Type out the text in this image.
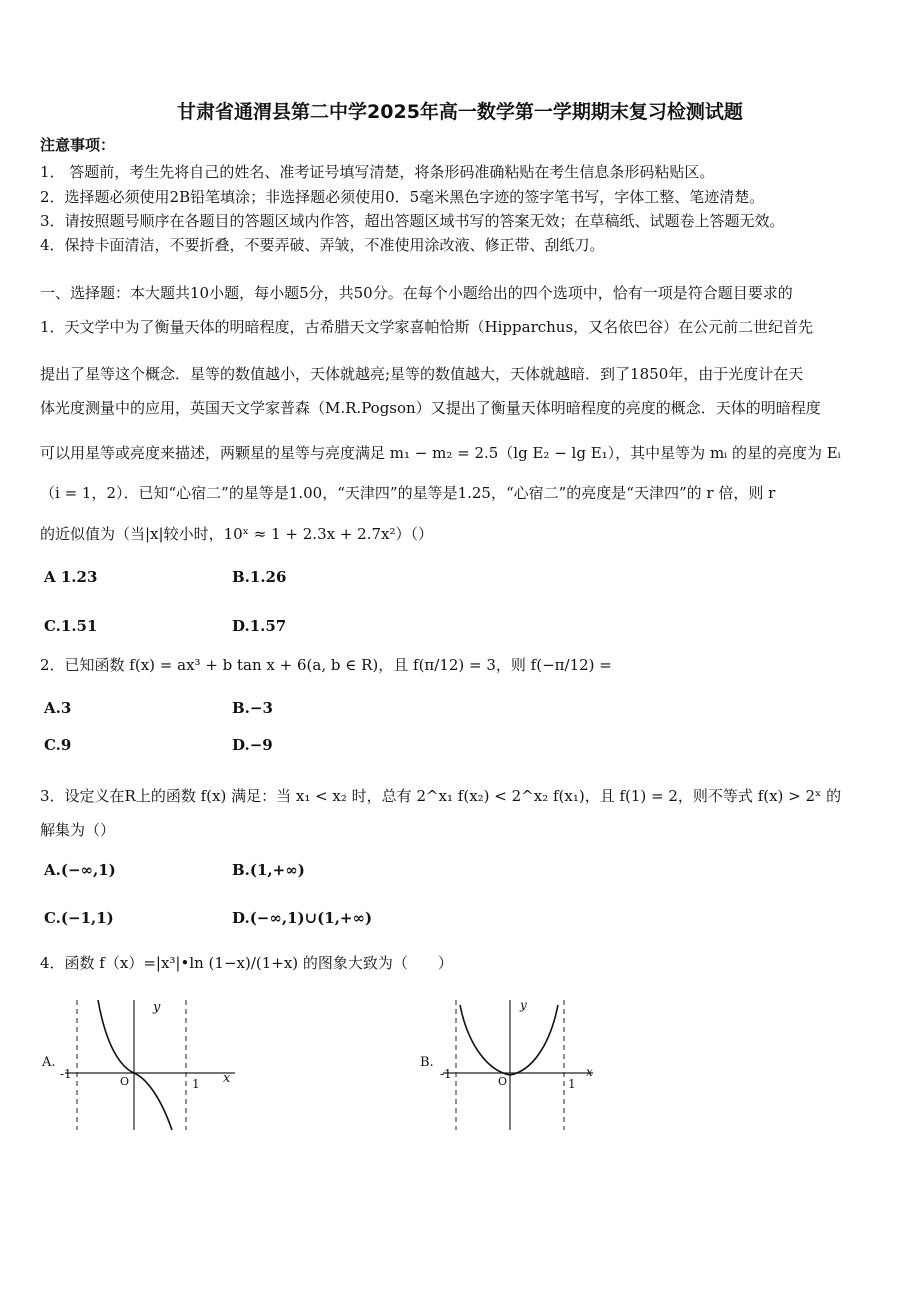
甘肃省通渭县第二中学2025年高一数学第一学期期末复习检测试题
注意事项：
1． 答题前，考生先将自己的姓名、准考证号填写清楚，将条形码准确粘贴在考生信息条形码粘贴区。
2．选择题必须使用2B铅笔填涂；非选择题必须使用0．5毫米黑色字迹的签字笔书写，字体工整、笔迹清楚。
3．请按照题号顺序在各题目的答题区域内作答，超出答题区域书写的答案无效；在草稿纸、试题卷上答题无效。
4．保持卡面清洁，不要折叠，不要弄破、弄皱，不准使用涂改液、修正带、刮纸刀。
一、选择题：本大题共10小题，每小题5分，共50分。在每个小题给出的四个选项中，恰有一项是符合题目要求的
1．天文学中为了衡量天体的明暗程度，古希腊天文学家喜帕恰斯（Hipparchus，又名依巴谷）在公元前二世纪首先
提出了星等这个概念．星等的数值越小，天体就越亮;星等的数值越大，天体就越暗．到了1850年，由于光度计在天
体光度测量中的应用，英国天文学家普森（M.R.Pogson）又提出了衡量天体明暗程度的亮度的概念．天体的明暗程度
可以用星等或亮度来描述，两颗星的星等与亮度满足 m₁ − m₂ = 2.5（lg E₂ − lg E₁），其中星等为 mᵢ 的星的亮度为 Eᵢ
（i = 1，2）．已知“心宿二”的星等是1.00，“天津四”的星等是1.25，“心宿二”的亮度是“天津四”的 r 倍，则 r
的近似值为（当|x|较小时，10ˣ ≈ 1 + 2.3x + 2.7x²）（）
A 1.23	B.1.26
C.1.51	D.1.57
2．已知函数 f(x) = ax³ + b tan x + 6(a, b ∈ R)，且 f(π/12) = 3，则 f(−π/12) =
A.3	B.−3
C.9	D.−9
3．设定义在R上的函数 f(x) 满足：当 x₁ < x₂ 时，总有 2^x₁ f(x₂) < 2^x₂ f(x₁)，且 f(1) = 2，则不等式 f(x) > 2ˣ 的
解集为（）
A.(−∞,1)	B.(1,+∞)
C.(−1,1)	D.(−∞,1)∪(1,+∞)
4．函数 f（x）=|x³|•ln (1−x)/(1+x) 的图象大致为（　　）
A.
y
x
O
-1
1
B.
y
x
O
-1
1
